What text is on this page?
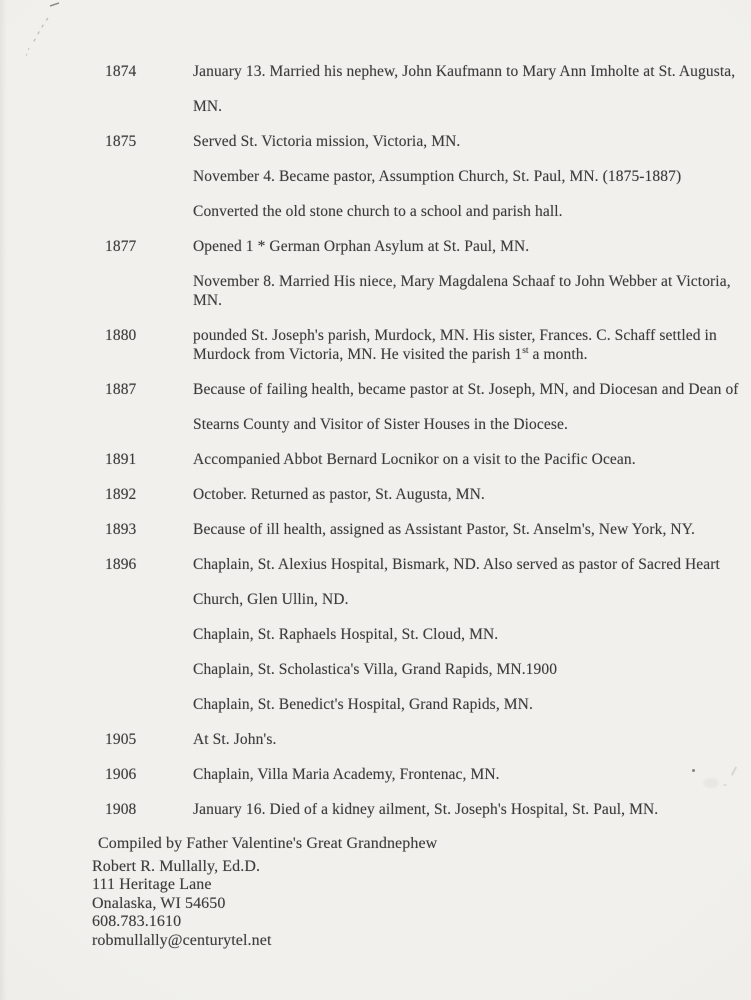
1874	January 13. Married his nephew, John Kaufmann to Mary Ann Imholte at St. Augusta,
MN.
1875	Served St. Victoria mission, Victoria, MN.
November 4. Became pastor, Assumption Church, St. Paul, MN. (1875-1887)
Converted the old stone church to a school and parish hall.
1877	Opened 1 * German Orphan Asylum at St. Paul, MN.
November 8. Married His niece, Mary Magdalena Schaaf to John Webber at Victoria,
MN.
1880	pounded St. Joseph's parish, Murdock, MN. His sister, Frances. C. Schaff settled in
Murdock from Victoria, MN. He visited the parish 1st a month.
1887	Because of failing health, became pastor at St. Joseph, MN, and Diocesan and Dean of
Stearns County and Visitor of Sister Houses in the Diocese.
1891	Accompanied Abbot Bernard Locnikor on a visit to the Pacific Ocean.
1892	October. Returned as pastor, St. Augusta, MN.
1893	Because of ill health, assigned as Assistant Pastor, St. Anselm's, New York, NY.
1896	Chaplain, St. Alexius Hospital, Bismark, ND. Also served as pastor of Sacred Heart
Church, Glen Ullin, ND.
Chaplain, St. Raphaels Hospital, St. Cloud, MN.
Chaplain, St. Scholastica's Villa, Grand Rapids, MN.1900
Chaplain, St. Benedict's Hospital, Grand Rapids, MN.
1905	At St. John's.
1906	Chaplain, Villa Maria Academy, Frontenac, MN.
1908	January 16. Died of a kidney ailment, St. Joseph's Hospital, St. Paul, MN.
Compiled by Father Valentine's Great Grandnephew
Robert R. Mullally, Ed.D.
111 Heritage Lane
Onalaska, WI 54650
608.783.1610
robmullally@centurytel.net
